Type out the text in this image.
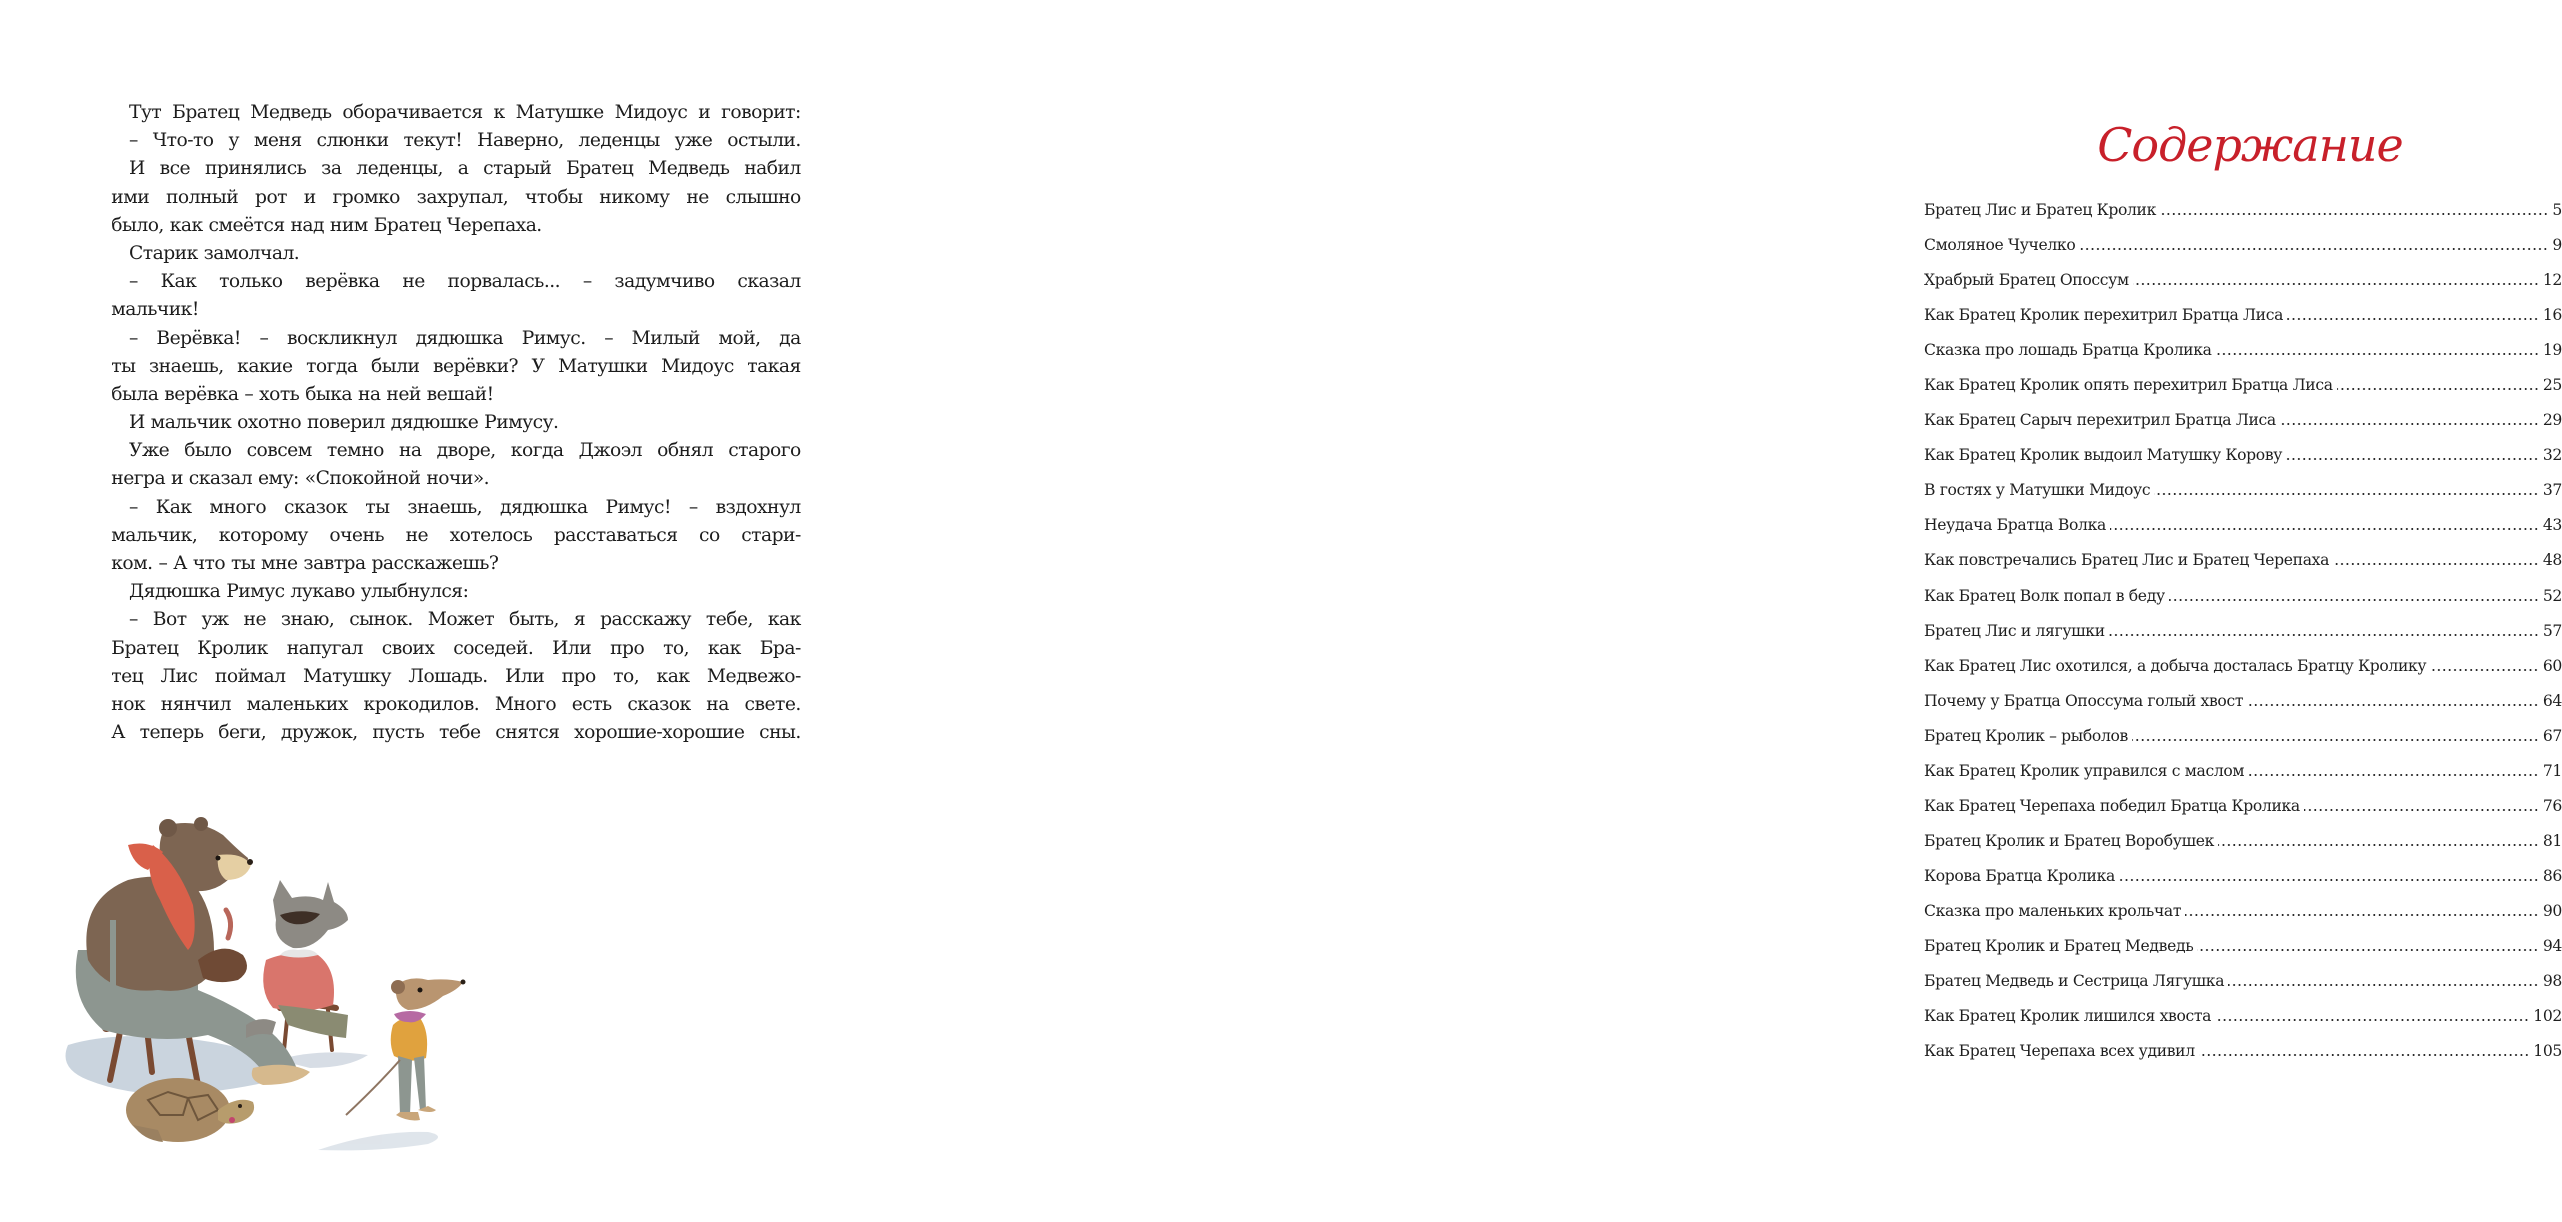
Тут Братец Медведь оборачивается к Матушке Мидоус и говорит:
– Что-то у меня слюнки текут! Наверно, леденцы уже остыли.
И все принялись за леденцы, а старый Братец Медведь набил
ими полный рот и громко захрупал, чтобы никому не слышно
было, как смеётся над ним Братец Черепаха.
Старик замолчал.
– Как только верёвка не порвалась... – задумчиво сказал
мальчик!
– Верёвка! – воскликнул дядюшка Римус. – Милый мой, да
ты знаешь, какие тогда были верёвки? У Матушки Мидоус такая
была верёвка – хоть быка на ней вешай!
И мальчик охотно поверил дядюшке Римусу.
Уже было совсем темно на дворе, когда Джоэл обнял старого
негра и сказал ему: «Спокойной ночи».
– Как много сказок ты знаешь, дядюшка Римус! – вздохнул
мальчик, которому очень не хотелось расставаться со стари-
ком. – А что ты мне завтра расскажешь?
Дядюшка Римус лукаво улыбнулся:
– Вот уж не знаю, сынок. Может быть, я расскажу тебе, как
Братец Кролик напугал своих соседей. Или про то, как Бра-
тец Лис поймал Матушку Лошадь. Или про то, как Медвежо-
нок нянчил маленьких крокодилов. Много есть сказок на свете.
А теперь беги, дружок, пусть тебе снятся хорошие-хорошие сны.
Содержание
Братец Лис и Братец Кролик	5
Смоляное Чучелко	9
Храбрый Братец Опоссум	12
Как Братец Кролик перехитрил Братца Лиса	16
Сказка про лошадь Братца Кролика	19
Как Братец Кролик опять перехитрил Братца Лиса	25
Как Братец Сарыч перехитрил Братца Лиса	29
Как Братец Кролик выдоил Матушку Корову	32
В гостях у Матушки Мидоус	37
Неудача Братца Волка	43
Как повстречались Братец Лис и Братец Черепаха	48
Как Братец Волк попал в беду	52
Братец Лис и лягушки	57
Как Братец Лис охотился, а добыча досталась Братцу Кролику	60
Почему у Братца Опоссума голый хвост	64
Братец Кролик – рыболов	67
Как Братец Кролик управился с маслом	71
Как Братец Черепаха победил Братца Кролика	76
Братец Кролик и Братец Воробушек	81
Корова Братца Кролика	86
Сказка про маленьких крольчат	90
Братец Кролик и Братец Медведь	94
Братец Медведь и Сестрица Лягушка	98
Как Братец Кролик лишился хвоста	102
Как Братец Черепаха всех удивил	105
